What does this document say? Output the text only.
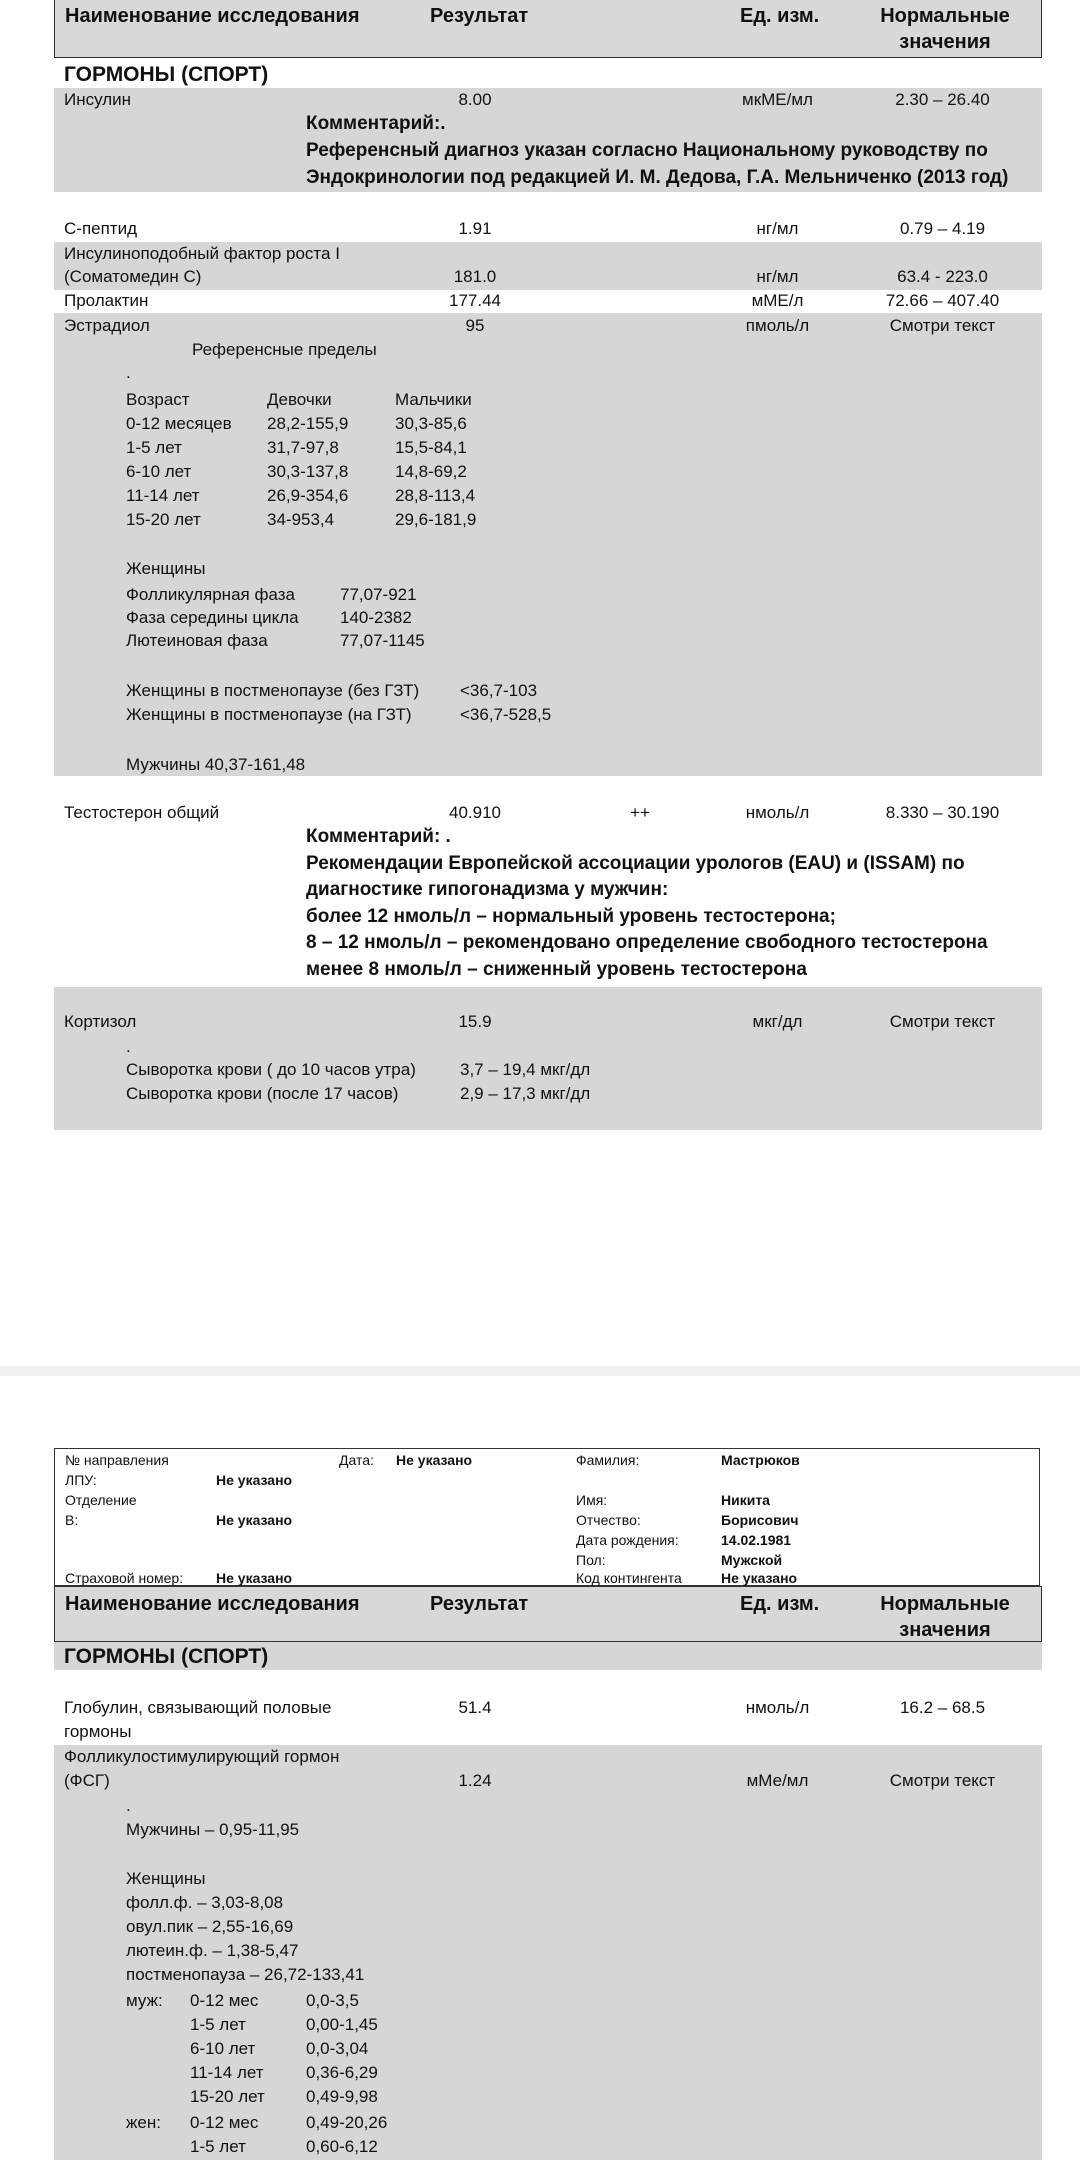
Наименование исследования	Результат	Ед. изм.	Нормальные
значения
ГОРМОНЫ (СПОРТ)
Инсулин	8.00	мкМЕ/мл	2.30 – 26.40
Комментарий:.
Референсный диагноз указан согласно Национальному руководству по
Эндокринологии под редакцией И. М. Дедова, Г.А. Мельниченко (2013 год)
С-пептид	1.91	нг/мл	0.79 – 4.19
Инсулиноподобный фактор роста I
(Соматомедин С)	181.0	нг/мл	63.4 - 223.0
Пролактин	177.44	мМЕ/л	72.66 – 407.40
Эстрадиол	95	пмоль/л	Смотри текст
Референсные пределы
.
Возраст	Девочки	Мальчики
0-12 месяцев 28,2-155,9	30,3-85,6
1-5 лет	31,7-97,8	15,5-84,1
6-10 лет	30,3-137,8	14,8-69,2
11-14 лет	26,9-354,6	28,8-113,4
15-20 лет	34-953,4	29,6-181,9
Женщины
Фолликулярная фаза	77,07-921
Фаза середины цикла 140-2382
Лютеиновая фаза	77,07-1145
Женщины в постменопаузе (без ГЗТ) <36,7-103
Женщины в постменопаузе (на ГЗТ)	<36,7-528,5
Мужчины 40,37-161,48
Тестостерон общий	40.910	++	нмоль/л	8.330 – 30.190
Комментарий: .
Рекомендации Европейской ассоциации урологов (EAU) и (ISSAM) по
диагностике гипогонадизма у мужчин:
более 12 нмоль/л – нормальный уровень тестостерона;
8 – 12 нмоль/л – рекомендовано определение свободного тестостерона
менее 8 нмоль/л – сниженный уровень тестостерона
Кортизол	15.9	мкг/дл	Смотри текст
.
Сыворотка крови ( до 10 часов утра)	3,7 – 19,4 мкг/дл
Сыворотка крови (после 17 часов)	2,9 – 17,3 мкг/дл
№ направления	Дата: Не указано	Фамилия:	Мастрюков
ЛПУ:	Не указано
Отделение	Имя:	Никита
В:	Не указано	Отчество:	Борисович
Дата рождения:	14.02.1981
Пол:	Мужской
Страховой номер: Не указано	Код контингента	Не указано
Наименование исследования	Результат	Ед. изм.	Нормальные
значения
ГОРМОНЫ (СПОРТ)
Глобулин, связывающий половые
гормоны
51.4	нмоль/л	16.2 – 68.5
Фолликулостимулирующий гормон
(ФСГ)	1.24	мМе/мл	Смотри текст
.
Мужчины – 0,95-11,95
Женщины
фолл.ф. – 3,03-8,08
овул.пик – 2,55-16,69
лютеин.ф. – 1,38-5,47
постменопауза – 26,72-133,41
муж: 0-12 мес	0,0-3,5
1-5 лет	0,00-1,45
6-10 лет	0,0-3,04
11-14 лет 0,36-6,29
15-20 лет 0,49-9,98
жен: 0-12 мес	0,49-20,26
1-5 лет	0,60-6,12
